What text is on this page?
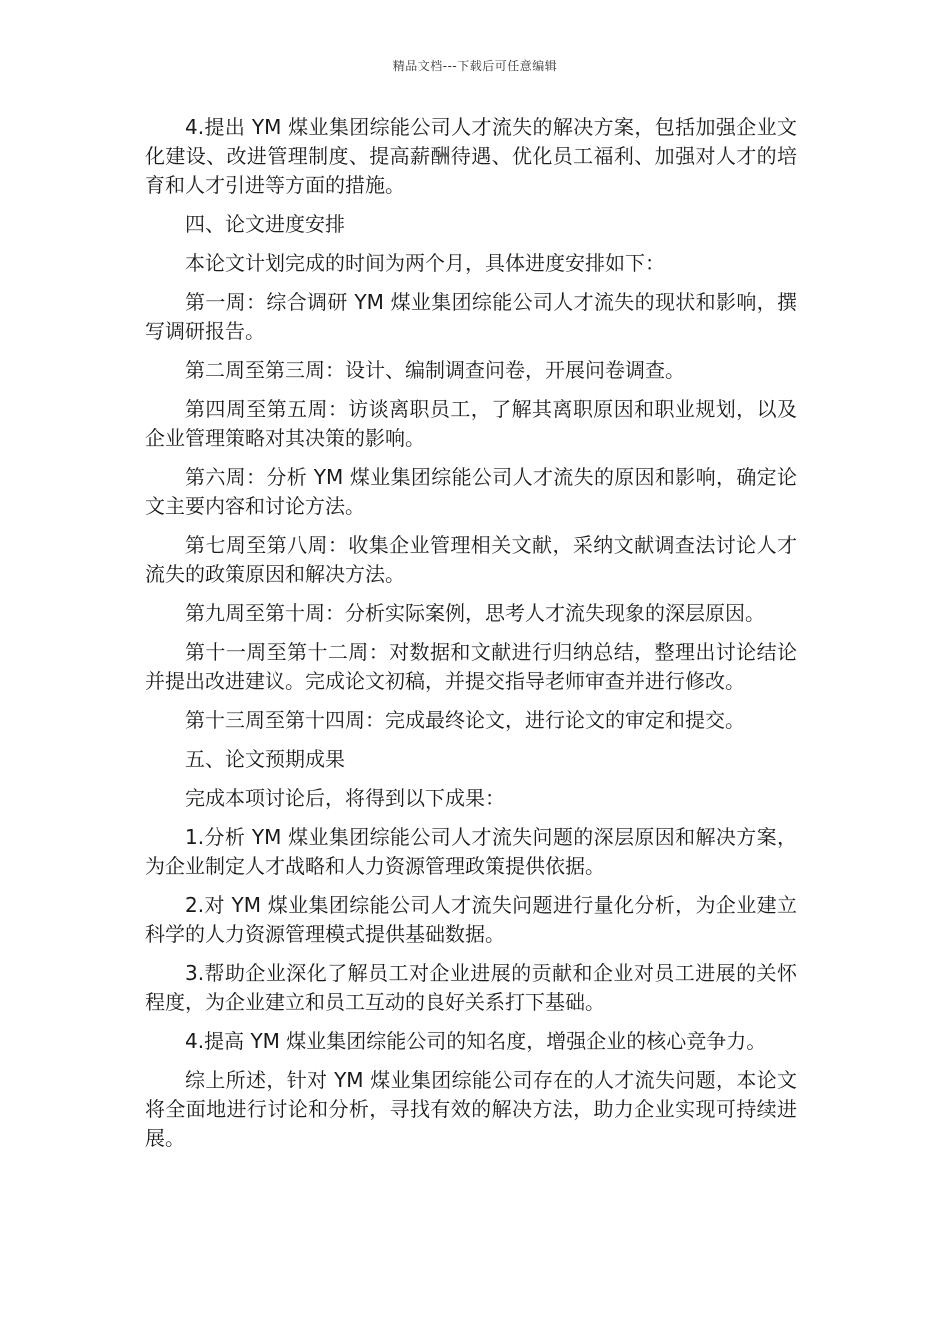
精品文档---下载后可任意编辑

4.提出 YM 煤业集团综能公司人才流失的解决方案，包括加强企业文化建设、改进管理制度、提高薪酬待遇、优化员工福利、加强对人才的培育和人才引进等方面的措施。

四、论文进度安排

本论文计划完成的时间为两个月，具体进度安排如下：

第一周：综合调研 YM 煤业集团综能公司人才流失的现状和影响，撰写调研报告。

第二周至第三周：设计、编制调查问卷，开展问卷调查。

第四周至第五周：访谈离职员工，了解其离职原因和职业规划，以及企业管理策略对其决策的影响。

第六周：分析 YM 煤业集团综能公司人才流失的原因和影响，确定论文主要内容和讨论方法。

第七周至第八周：收集企业管理相关文献，采纳文献调查法讨论人才流失的政策原因和解决方法。

第九周至第十周：分析实际案例，思考人才流失现象的深层原因。

第十一周至第十二周：对数据和文献进行归纳总结，整理出讨论结论并提出改进建议。完成论文初稿，并提交指导老师审查并进行修改。

第十三周至第十四周：完成最终论文，进行论文的审定和提交。

五、论文预期成果

完成本项讨论后，将得到以下成果：

1.分析 YM 煤业集团综能公司人才流失问题的深层原因和解决方案，为企业制定人才战略和人力资源管理政策提供依据。

2.对 YM 煤业集团综能公司人才流失问题进行量化分析，为企业建立科学的人力资源管理模式提供基础数据。

3.帮助企业深化了解员工对企业进展的贡献和企业对员工进展的关怀程度，为企业建立和员工互动的良好关系打下基础。

4.提高 YM 煤业集团综能公司的知名度，增强企业的核心竞争力。

综上所述，针对 YM 煤业集团综能公司存在的人才流失问题，本论文将全面地进行讨论和分析，寻找有效的解决方法，助力企业实现可持续进展。
